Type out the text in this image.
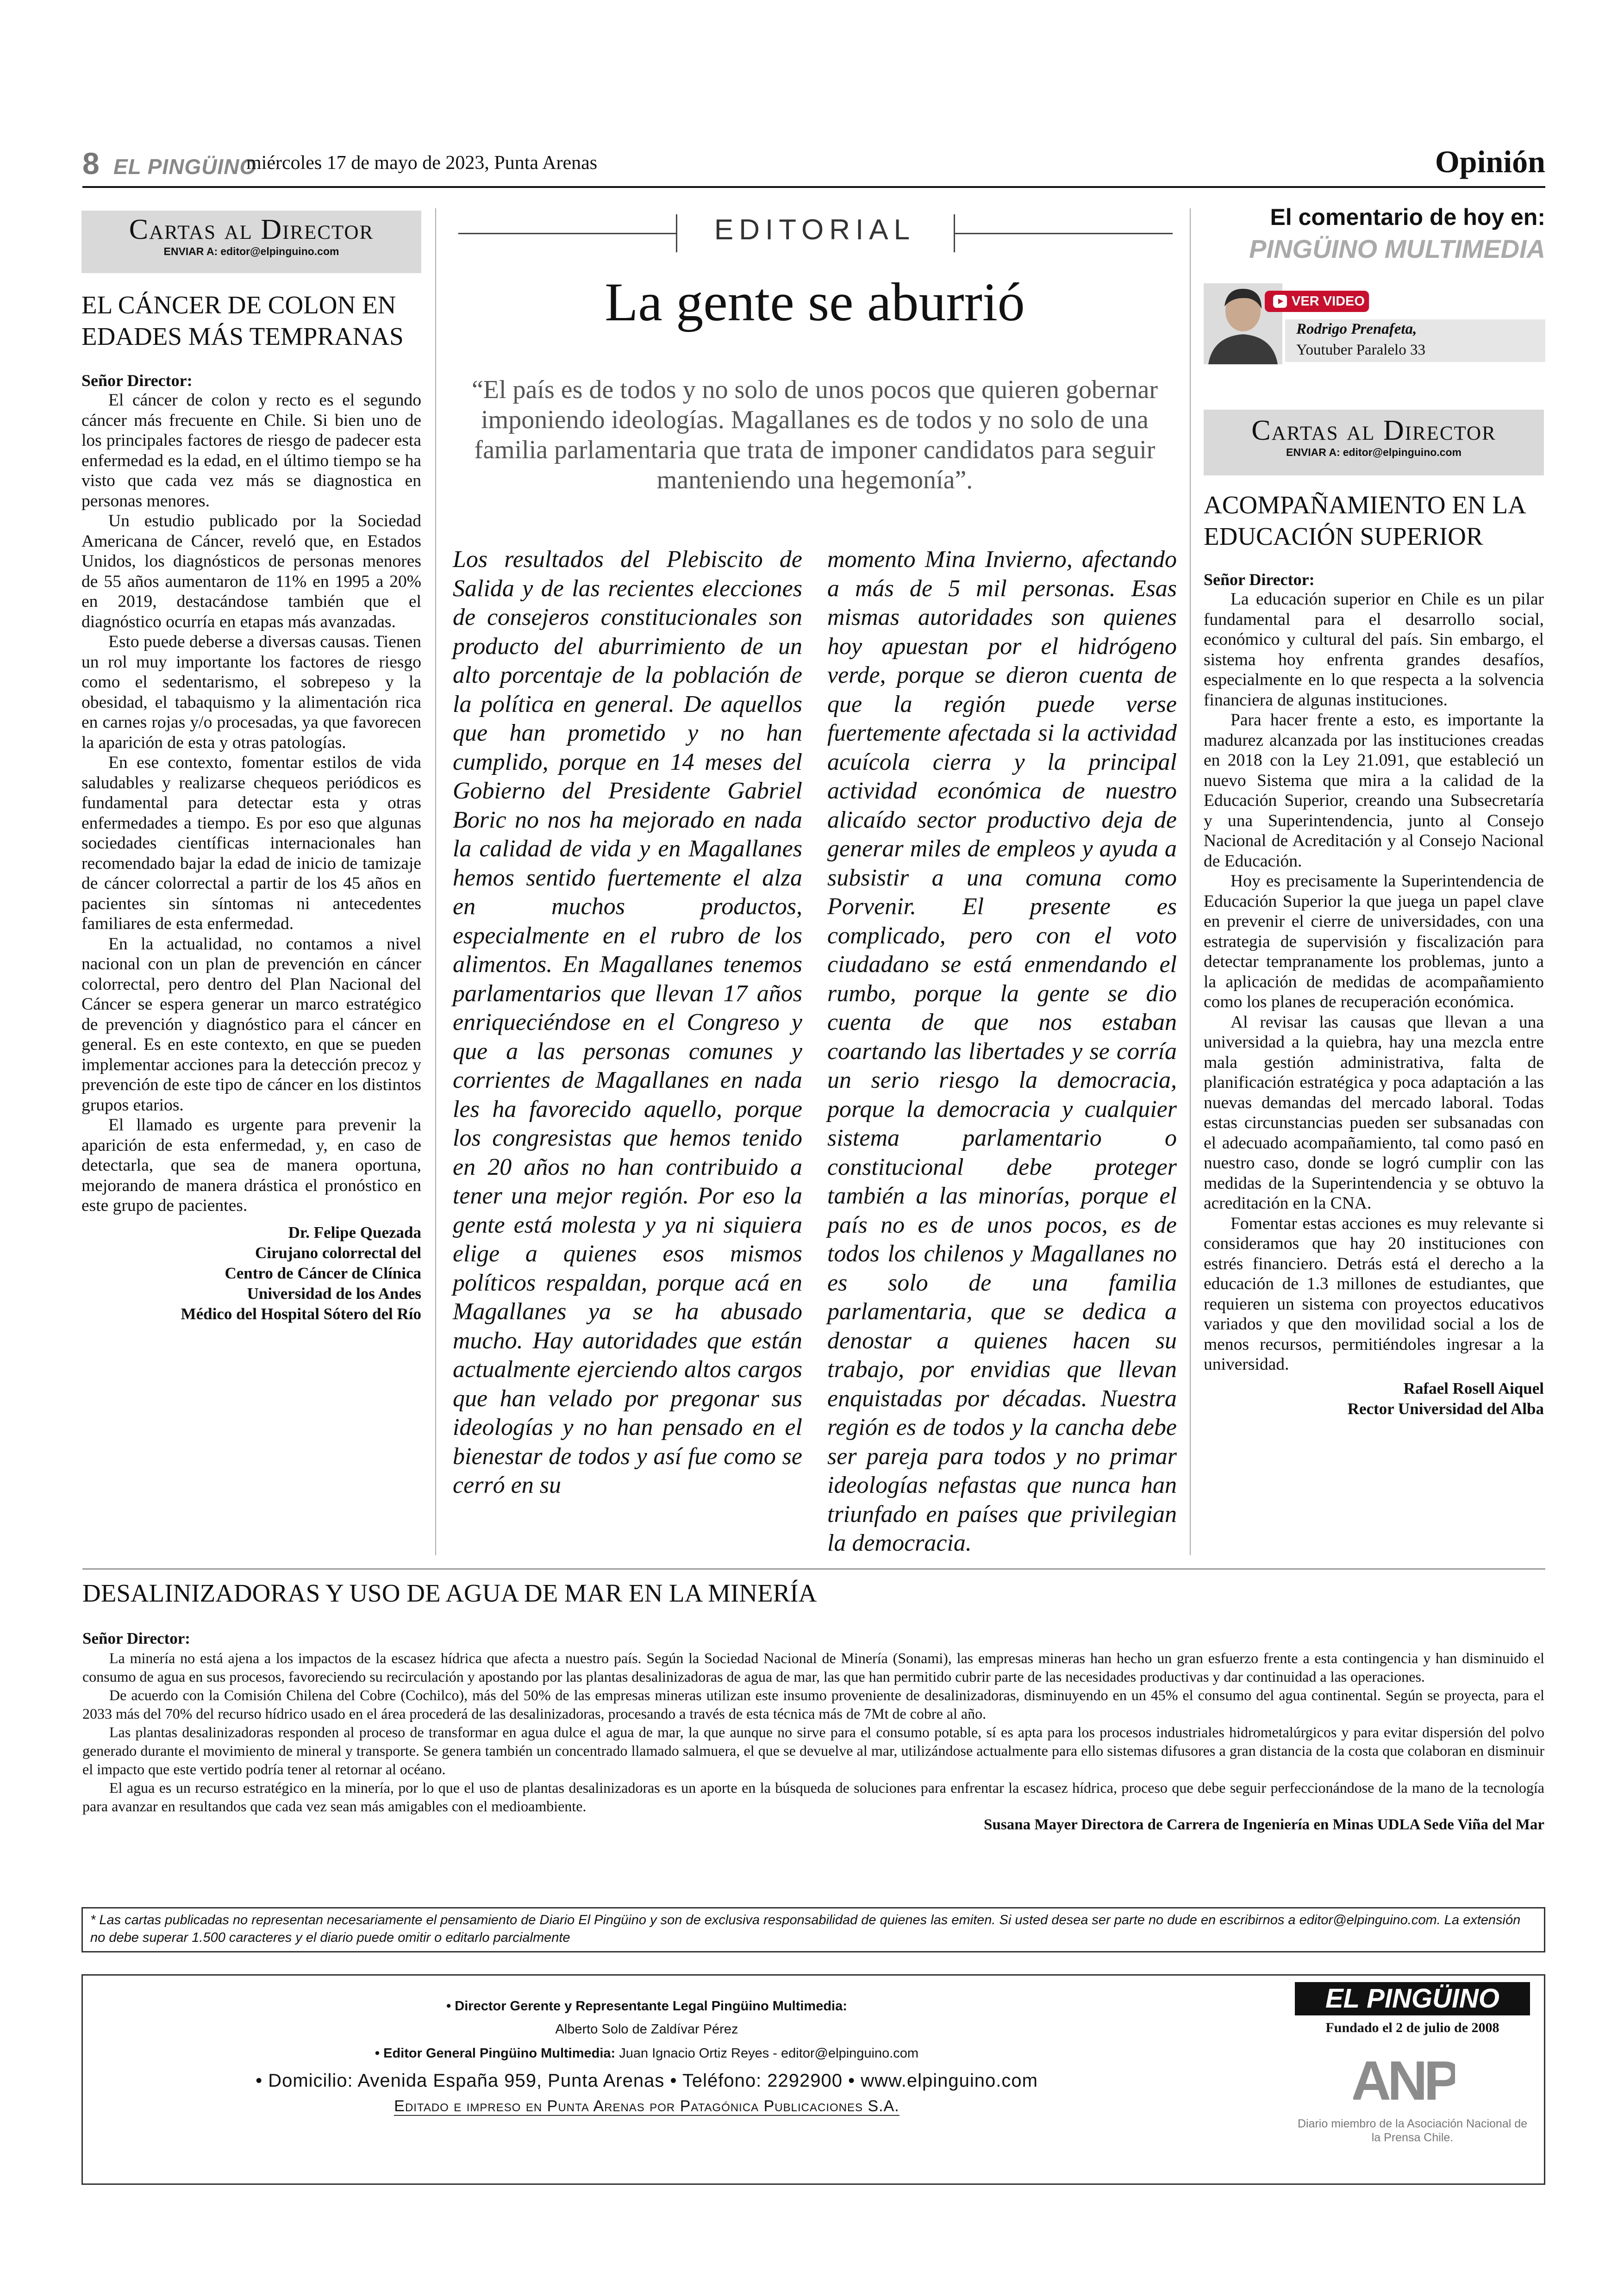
8 EL PINGÜINO
miércoles 17 de mayo de 2023, Punta Arenas	Opinión
Cartas al Director
ENVIAR A: editor@elpinguino.com
EL CÁNCER DE COLON EN EDADES MÁS TEMPRANAS
Señor Director:

El cáncer de colon y recto es el segundo cáncer más frecuente en Chile. Si bien uno de los principales factores de riesgo de padecer esta enfermedad es la edad, en el último tiempo se ha visto que cada vez más se diagnostica en personas menores.

Un estudio publicado por la Sociedad Americana de Cáncer, reveló que, en Estados Unidos, los diagnósticos de personas menores de 55 años aumentaron de 11% en 1995 a 20% en 2019, destacándose también que el diagnóstico ocurría en etapas más avanzadas.

Esto puede deberse a diversas causas. Tienen un rol muy importante los factores de riesgo como el sedentarismo, el sobrepeso y la obesidad, el tabaquismo y la alimentación rica en carnes rojas y/o procesadas, ya que favorecen la aparición de esta y otras patologías.

En ese contexto, fomentar estilos de vida saludables y realizarse chequeos periódicos es fundamental para detectar esta y otras enfermedades a tiempo. Es por eso que algunas sociedades científicas internacionales han recomendado bajar la edad de inicio de tamizaje de cáncer colorrectal a partir de los 45 años en pacientes sin síntomas ni antecedentes familiares de esta enfermedad.

En la actualidad, no contamos a nivel nacional con un plan de prevención en cáncer colorrectal, pero dentro del Plan Nacional del Cáncer se espera generar un marco estratégico de prevención y diagnóstico para el cáncer en general. Es en este contexto, en que se pueden implementar acciones para la detección precoz y prevención de este tipo de cáncer en los distintos grupos etarios.

El llamado es urgente para prevenir la aparición de esta enfermedad, y, en caso de detectarla, que sea de manera oportuna, mejorando de manera drástica el pronóstico en este grupo de pacientes.

Dr. Felipe Quezada
Cirujano colorrectal del
Centro de Cáncer de Clínica
Universidad de los Andes
Médico del Hospital Sótero del Río
EDITORIAL
La gente se aburrió
“El país es de todos y no solo de unos pocos que quieren gobernar imponiendo ideologías. Magallanes es de todos y no solo de una familia parlamentaria que trata de imponer candidatos para seguir manteniendo una hegemonía”.
Los resultados del Plebiscito de Salida y de las recientes elecciones de consejeros constitucionales son producto del aburrimiento de un alto porcentaje de la población de la política en general. De aquellos que han prometido y no han cumplido, porque en 14 meses del Gobierno del Presidente Gabriel Boric no nos ha mejorado en nada la calidad de vida y en Magallanes hemos sentido fuertemente el alza en muchos productos, especialmente en el rubro de los alimentos. En Magallanes tenemos parlamentarios que llevan 17 años enriqueciéndose en el Congreso y que a las personas comunes y corrientes de Magallanes en nada les ha favorecido aquello, porque los congresistas que hemos tenido en 20 años no han contribuido a tener una mejor región. Por eso la gente está molesta y ya ni siquiera elige a quienes esos mismos políticos respaldan, porque acá en Magallanes ya se ha abusado mucho. Hay autoridades que están actualmente ejerciendo altos cargos que han velado por pregonar sus ideologías y no han pensado en el bienestar de todos y así fue como se cerró en su
momento Mina Invierno, afectando a más de 5 mil personas. Esas mismas autoridades son quienes hoy apuestan por el hidrógeno verde, porque se dieron cuenta de que la región puede verse fuertemente afectada si la actividad acuícola cierra y la principal actividad económica de nuestro alicaído sector productivo deja de generar miles de empleos y ayuda a subsistir a una comuna como Porvenir. El presente es complicado, pero con el voto ciudadano se está enmendando el rumbo, porque la gente se dio cuenta de que nos estaban coartando las libertades y se corría un serio riesgo la democracia, porque la democracia y cualquier sistema parlamentario o constitucional debe proteger también a las minorías, porque el país no es de unos pocos, es de todos los chilenos y Magallanes no es solo de una familia parlamentaria, que se dedica a denostar a quienes hacen su trabajo, por envidias que llevan enquistadas por décadas. Nuestra región es de todos y la cancha debe ser pareja para todos y no primar ideologías nefastas que nunca han triunfado en países que privilegian la democracia.
El comentario de hoy en:
PINGÜINO MULTIMEDIA
VER VIDEO
Rodrigo Prenafeta,
Youtuber Paralelo 33
Cartas al Director
ENVIAR A: editor@elpinguino.com
ACOMPAÑAMIENTO EN LA EDUCACIÓN SUPERIOR
Señor Director:

La educación superior en Chile es un pilar fundamental para el desarrollo social, económico y cultural del país. Sin embargo, el sistema hoy enfrenta grandes desafíos, especialmente en lo que respecta a la solvencia financiera de algunas instituciones.

Para hacer frente a esto, es importante la madurez alcanzada por las instituciones creadas en 2018 con la Ley 21.091, que estableció un nuevo Sistema que mira a la calidad de la Educación Superior, creando una Subsecretaría y una Superintendencia, junto al Consejo Nacional de Acreditación y al Consejo Nacional de Educación.

Hoy es precisamente la Superintendencia de Educación Superior la que juega un papel clave en prevenir el cierre de universidades, con una estrategia de supervisión y fiscalización para detectar tempranamente los problemas, junto a la aplicación de medidas de acompañamiento como los planes de recuperación económica.

Al revisar las causas que llevan a una universidad a la quiebra, hay una mezcla entre mala gestión administrativa, falta de planificación estratégica y poca adaptación a las nuevas demandas del mercado laboral. Todas estas circunstancias pueden ser subsanadas con el adecuado acompañamiento, tal como pasó en nuestro caso, donde se logró cumplir con las medidas de la Superintendencia y se obtuvo la acreditación en la CNA.

Fomentar estas acciones es muy relevante si consideramos que hay 20 instituciones con estrés financiero. Detrás está el derecho a la educación de 1.3 millones de estudiantes, que requieren un sistema con proyectos educativos variados y que den movilidad social a los de menos recursos, permitiéndoles ingresar a la universidad.

Rafael Rosell Aiquel
Rector Universidad del Alba
DESALINIZADORAS Y USO DE AGUA DE MAR EN LA MINERÍA
Señor Director:

La minería no está ajena a los impactos de la escasez hídrica que afecta a nuestro país. Según la Sociedad Nacional de Minería (Sonami), las empresas mineras han hecho un gran esfuerzo frente a esta contingencia y han disminuido el consumo de agua en sus procesos, favoreciendo su recirculación y apostando por las plantas desalinizadoras de agua de mar, las que han permitido cubrir parte de las necesidades productivas y dar continuidad a las operaciones.

De acuerdo con la Comisión Chilena del Cobre (Cochilco), más del 50% de las empresas mineras utilizan este insumo proveniente de desalinizadoras, disminuyendo en un 45% el consumo del agua continental. Según se proyecta, para el 2033 más del 70% del recurso hídrico usado en el área procederá de las desalinizadoras, procesando a través de esta técnica más de 7Mt de cobre al año.

Las plantas desalinizadoras responden al proceso de transformar en agua dulce el agua de mar, la que aunque no sirve para el consumo potable, sí es apta para los procesos industriales hidrometalúrgicos y para evitar dispersión del polvo generado durante el movimiento de mineral y transporte. Se genera también un concentrado llamado salmuera, el que se devuelve al mar, utilizándose actualmente para ello sistemas difusores a gran distancia de la costa que colaboran en disminuir el impacto que este vertido podría tener al retornar al océano.

El agua es un recurso estratégico en la minería, por lo que el uso de plantas desalinizadoras es un aporte en la búsqueda de soluciones para enfrentar la escasez hídrica, proceso que debe seguir perfeccionándose de la mano de la tecnología para avanzar en resultandos que cada vez sean más amigables con el medioambiente.

Susana Mayer Directora de Carrera de Ingeniería en Minas UDLA Sede Viña del Mar
* Las cartas publicadas no representan necesariamente el pensamiento de Diario El Pingüino y son de exclusiva responsabilidad de quienes las emiten. Si usted desea ser parte no dude en escribirnos a editor@elpinguino.com. La extensión no debe superar 1.500 caracteres y el diario puede omitir o editarlo parcialmente
• Director Gerente y Representante Legal Pingüino Multimedia:
Alberto Solo de Zaldívar Pérez
• Editor General Pingüino Multimedia: Juan Ignacio Ortiz Reyes - editor@elpinguino.com
• Domicilio: Avenida España 959, Punta Arenas • Teléfono: 2292900 • www.elpinguino.com
Editado e impreso en Punta Arenas por Patagónica Publicaciones S.A.
EL PINGÜINO
Fundado el 2 de julio de 2008
ANP
Diario miembro de la Asociación Nacional de la Prensa Chile.
